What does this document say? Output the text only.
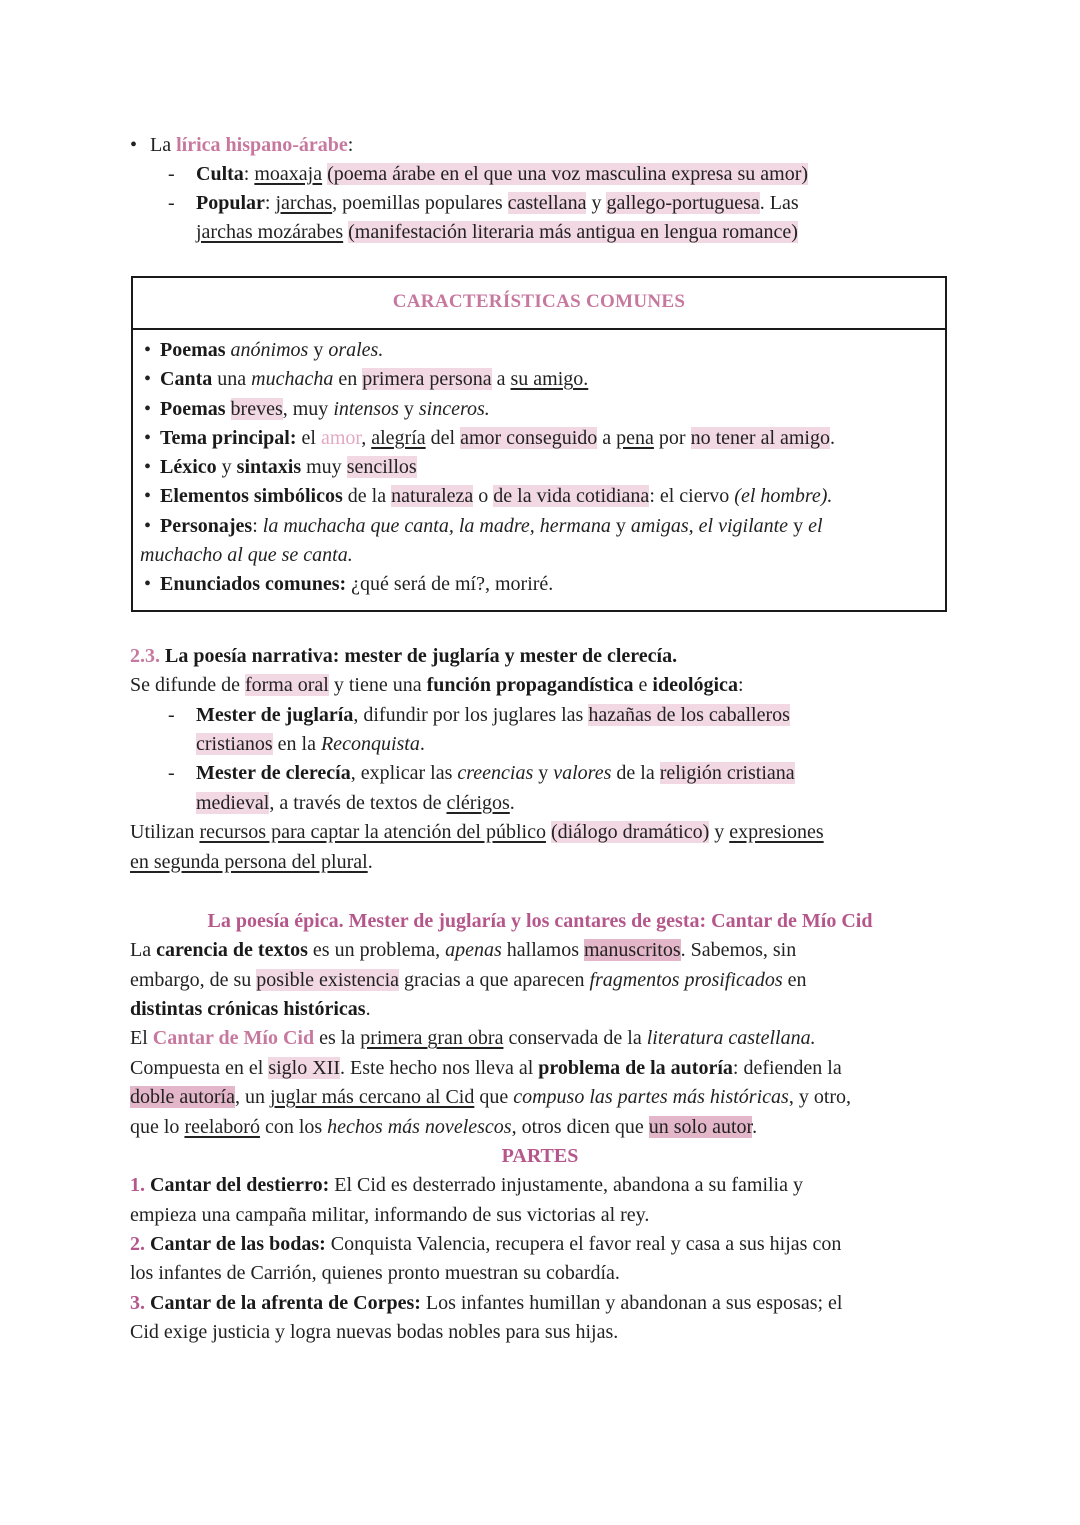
• La lírica hispano-árabe:
- Culta: moaxaja (poema árabe en el que una voz masculina expresa su amor)
- Popular: jarchas, poemillas populares castellana y gallego-portuguesa. Las
jarchas mozárabes (manifestación literaria más antigua en lengua romance)
CARACTERÍSTICAS COMUNES
• Poemas anónimos y orales.
• Canta una muchacha en primera persona a su amigo.
• Poemas breves, muy intensos y sinceros.
• Tema principal: el amor, alegría del amor conseguido a pena por no tener al amigo.
• Léxico y sintaxis muy sencillos
• Elementos simbólicos de la naturaleza o de la vida cotidiana: el ciervo (el hombre).
• Personajes: la muchacha que canta, la madre, hermana y amigas, el vigilante y el
muchacho al que se canta.
• Enunciados comunes: ¿qué será de mí?, moriré.
2.3. La poesía narrativa: mester de juglaría y mester de clerecía.
Se difunde de forma oral y tiene una función propagandística e ideológica:
- Mester de juglaría, difundir por los juglares las hazañas de los caballeros
cristianos en la Reconquista.
- Mester de clerecía, explicar las creencias y valores de la religión cristiana
medieval, a través de textos de clérigos.
Utilizan recursos para captar la atención del público (diálogo dramático) y expresiones
en segunda persona del plural.
La poesía épica. Mester de juglaría y los cantares de gesta: Cantar de Mío Cid
La carencia de textos es un problema, apenas hallamos manuscritos. Sabemos, sin
embargo, de su posible existencia gracias a que aparecen fragmentos prosificados en
distintas crónicas históricas.
El Cantar de Mío Cid es la primera gran obra conservada de la literatura castellana.
Compuesta en el siglo XII. Este hecho nos lleva al problema de la autoría: defienden la
doble autoría, un juglar más cercano al Cid que compuso las partes más históricas, y otro,
que lo reelaboró con los hechos más novelescos, otros dicen que un solo autor.
PARTES
1. Cantar del destierro: El Cid es desterrado injustamente, abandona a su familia y
empieza una campaña militar, informando de sus victorias al rey.
2. Cantar de las bodas: Conquista Valencia, recupera el favor real y casa a sus hijas con
los infantes de Carrión, quienes pronto muestran su cobardía.
3. Cantar de la afrenta de Corpes: Los infantes humillan y abandonan a sus esposas; el
Cid exige justicia y logra nuevas bodas nobles para sus hijas.
